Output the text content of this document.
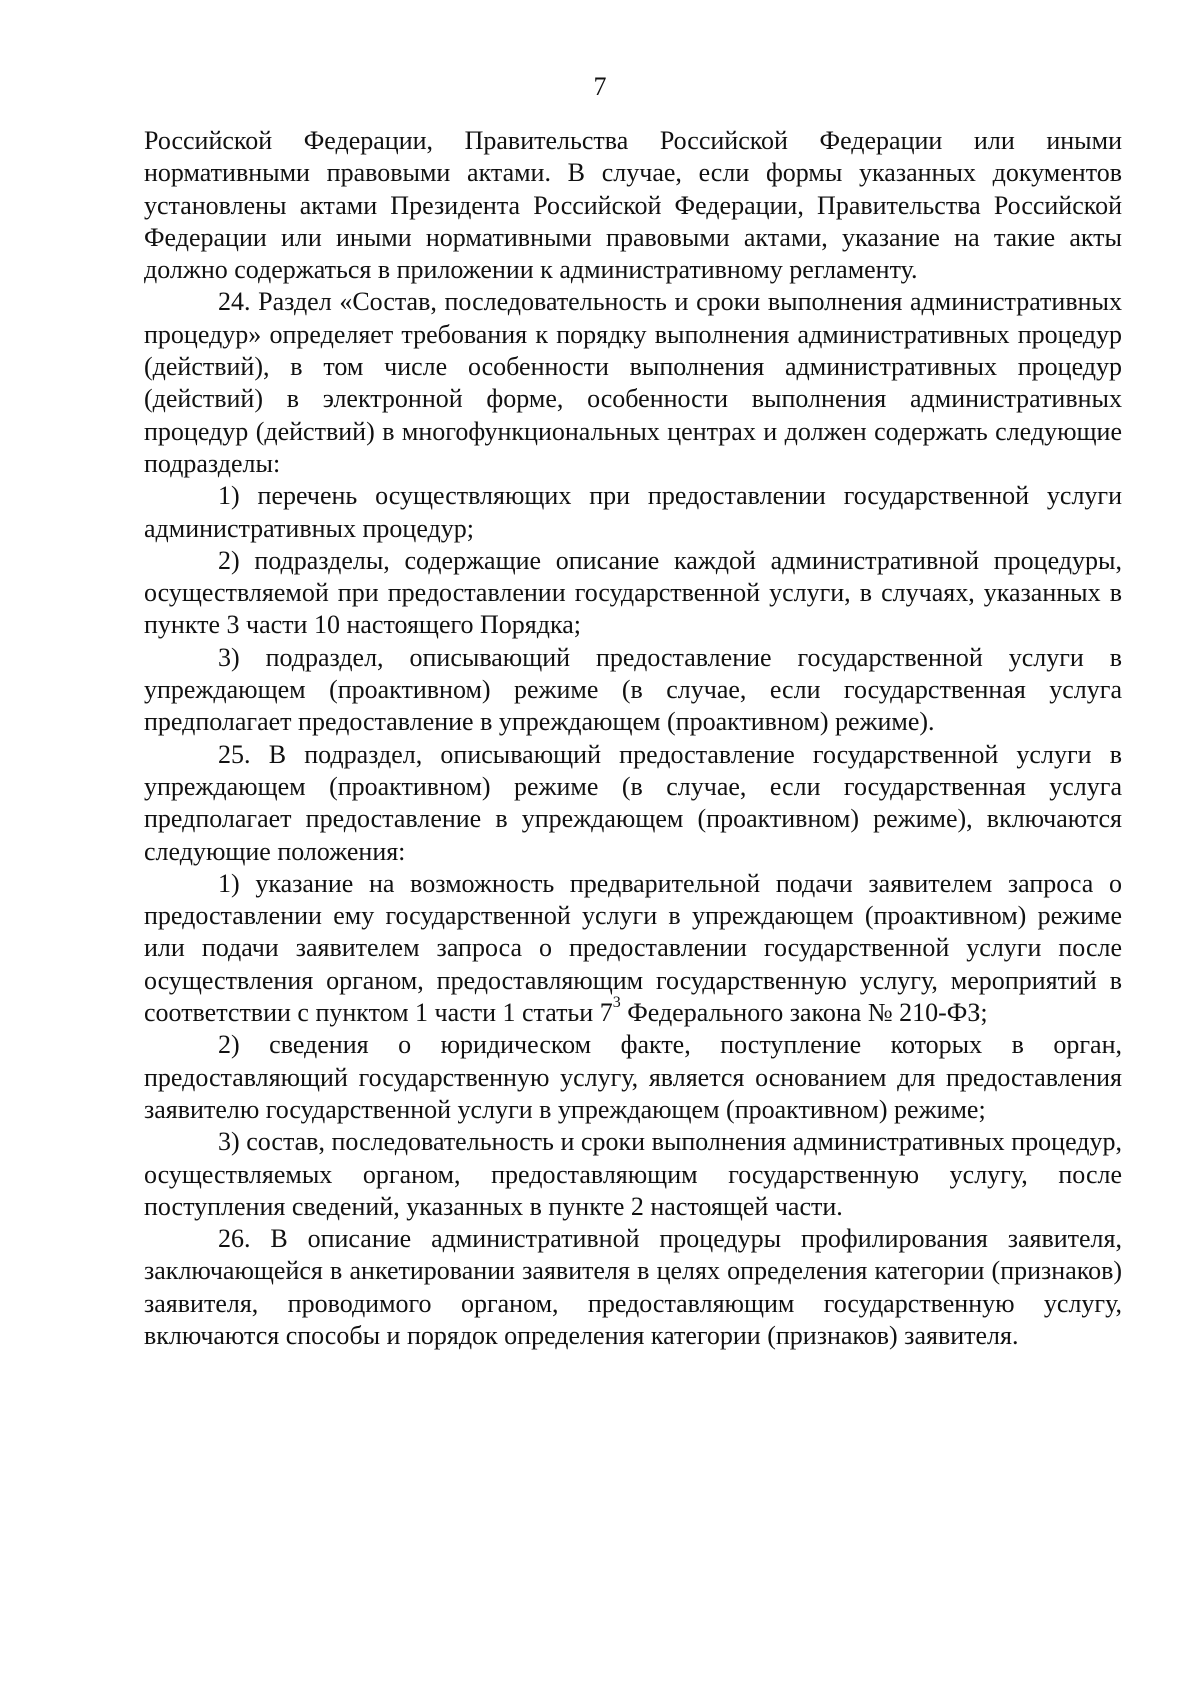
7

Российской Федерации, Правительства Российской Федерации или иными нормативными правовыми актами. В случае, если формы указанных документов установлены актами Президента Российской Федерации, Правительства Российской Федерации или иными нормативными правовыми актами, указание на такие акты должно содержаться в приложении к административному регламенту.

24. Раздел «Состав, последовательность и сроки выполнения административных процедур» определяет требования к порядку выполнения административных процедур (действий), в том числе особенности выполнения административных процедур (действий) в электронной форме, особенности выполнения административных процедур (действий) в многофункциональных центрах и должен содержать следующие подразделы:

1) перечень осуществляющих при предоставлении государственной услуги административных процедур;

2) подразделы, содержащие описание каждой административной процедуры, осуществляемой при предоставлении государственной услуги, в случаях, указанных в пункте 3 части 10 настоящего Порядка;

3) подраздел, описывающий предоставление государственной услуги в упреждающем (проактивном) режиме (в случае, если государственная услуга предполагает предоставление в упреждающем (проактивном) режиме).

25. В подраздел, описывающий предоставление государственной услуги в упреждающем (проактивном) режиме (в случае, если государственная услуга предполагает предоставление в упреждающем (проактивном) режиме), включаются следующие положения:

1) указание на возможность предварительной подачи заявителем запроса о предоставлении ему государственной услуги в упреждающем (проактивном) режиме или подачи заявителем запроса о предоставлении государственной услуги после осуществления органом, предоставляющим государственную услугу, мероприятий в соответствии с пунктом 1 части 1 статьи $7^3$ Федерального закона № 210-ФЗ;

2) сведения о юридическом факте, поступление которых в орган, предоставляющий государственную услугу, является основанием для предоставления заявителю государственной услуги в упреждающем (проактивном) режиме;

3) состав, последовательность и сроки выполнения административных процедур, осуществляемых органом, предоставляющим государственную услугу, после поступления сведений, указанных в пункте 2 настоящей части.

26. В описание административной процедуры профилирования заявителя, заключающейся в анкетировании заявителя в целях определения категории (признаков) заявителя, проводимого органом, предоставляющим государственную услугу, включаются способы и порядок определения категории (признаков) заявителя.
